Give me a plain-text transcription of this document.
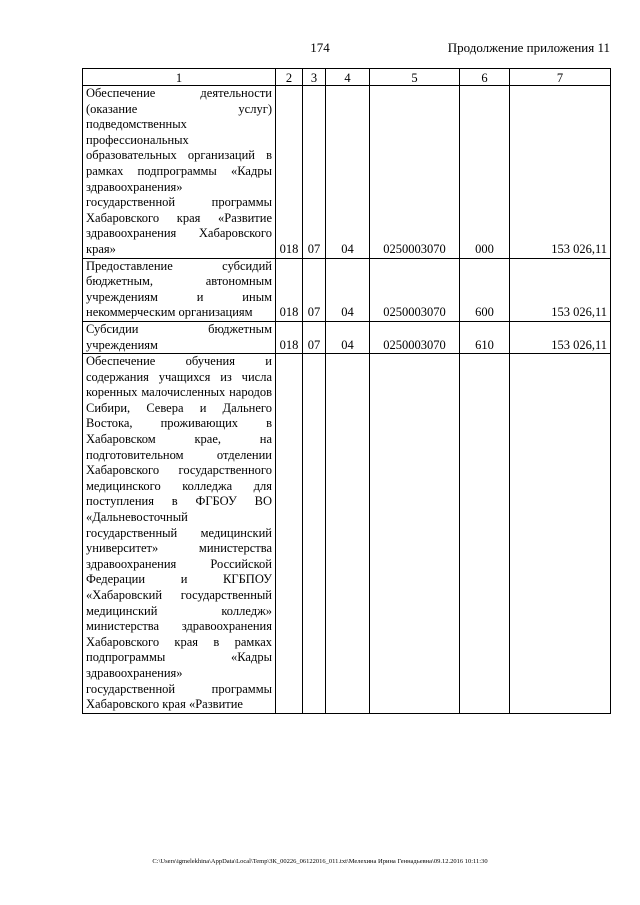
174	Продолжение приложения 11
1	2	3	4	5	6	7
Обеспечение деятельности (оказание услуг) подведомственных профессиональных образовательных организаций в рамках подпрограммы «Кадры здравоохранения» государственной программы Хабаровского края «Развитие здравоохранения Хабаровского края»	018	07	04	0250003070	000	153 026,11
Предоставление субсидий бюджетным, автономным учреждениям и иным некоммерческим организациям	018	07	04	0250003070	600	153 026,11
Субсидии бюджетным учреждениям	018	07	04	0250003070	610	153 026,11
Обеспечение обучения и содержания учащихся из числа коренных малочисленных народов Сибири, Севера и Дальнего Востока, проживающих в Хабаровском крае, на подготовительном отделении Хабаровского государственного медицинского колледжа для поступления в ФГБОУ ВО «Дальневосточный государственный медицинский университет» министерства здравоохранения Российской Федерации и КГБПОУ «Хабаровский государственный медицинский колледж» министерства здравоохранения Хабаровского края в рамках подпрограммы «Кадры здравоохранения» государственной программы Хабаровского края «Развитие						
C:\Users\igmelekhina\AppData\Local\Temp\ЗК_00226_06122016_011.txt\Мелехина Ирина Геннадьевна\09.12.2016 10:11:30
